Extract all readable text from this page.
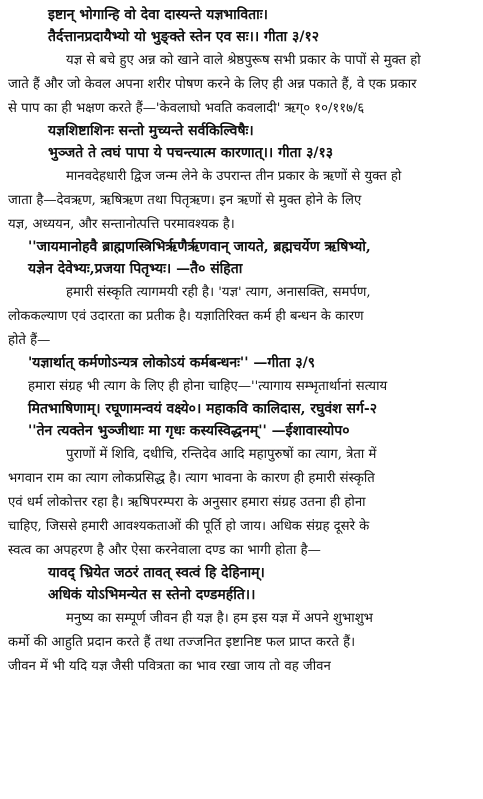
इष्टान् भोगान्हि वो देवा दास्यन्ते यज्ञभाविताः।
तैर्दत्तानप्रदायैभ्यो यो भुङ्क्ते स्तेन एव सः।। गीता ३/१२
यज्ञ से बचे हुए अन्न को खाने वाले श्रेष्ठपुरूष सभी प्रकार के पापों से मुक्त हो
जाते हैं और जो केवल अपना शरीर पोषण करने के लिए ही अन्न पकाते हैं, वे एक प्रकार
से पाप का ही भक्षण करते हैं—'केवलाघो भवति कवलादी' ऋग्० १०/११७/६
यज्ञशिष्टाशिनः सन्तो मुच्यन्ते सर्वकिल्विषैः।
भुञ्जते ते त्वघं पापा ये पचन्त्यात्म कारणात्।। गीता ३/१३
मानवदेहधारी द्विज जन्म लेने के उपरान्त तीन प्रकार के ऋणों से युक्त हो
जाता है—देवऋण, ऋषिऋण तथा पितृऋण। इन ऋणों से मुक्त होने के लिए
यज्ञ, अध्ययन, और सन्तानोत्पत्ति परमावश्यक है।
''जायमानोहवै ब्राह्मणस्त्रिभिर्ऋणैर्ऋणवान् जायते, ब्रह्मचर्येण ऋषिभ्यो,
यज्ञेन देवेभ्यः,प्रजया पितृभ्यः। —तै० संहिता
हमारी संस्कृति त्यागमयी रही है। 'यज्ञ' त्याग, अनासक्ति, समर्पण,
लोककल्याण एवं उदारता का प्रतीक है। यज्ञातिरिक्त कर्म ही बन्धन के कारण
होते हैं—
'यज्ञार्थात् कर्मणोऽन्यत्र लोकोऽयं कर्मबन्धनः'' —गीता ३/९
हमारा संग्रह भी त्याग के लिए ही होना चाहिए—''त्यागाय सम्भृतार्थानां सत्याय
मितभाषिणाम्। रघूणामन्वयं वक्ष्ये०। महाकवि कालिदास, रघुवंश सर्ग-२
''तेन त्यक्तेन भुञ्जीथाः मा गृधः कस्यस्विद्धनम्'' —ईशावास्योप०
पुराणों में शिवि, दधीचि, रन्तिदेव आदि महापुरुषों का त्याग, त्रेता में
भगवान राम का त्याग लोकप्रसिद्ध है। त्याग भावना के कारण ही हमारी संस्कृति
एवं धर्म लोकोत्तर रहा है। ऋषिपरम्परा के अनुसार हमारा संग्रह उतना ही होना
चाहिए, जिससे हमारी आवश्यकताओं की पूर्ति हो जाय। अधिक संग्रह दूसरे के
स्वत्व का अपहरण है और ऐसा करनेवाला दण्ड का भागी होता है—
यावद् भ्रियेत जठरं तावत् स्वत्वं हि देहिनाम्।
अधिकं योऽभिमन्येत स स्तेनो दण्डमर्हति।।
मनुष्य का सम्पूर्ण जीवन ही यज्ञ है। हम इस यज्ञ में अपने शुभाशुभ
कर्मो की आहुति प्रदान करते हैं तथा तज्जनित इष्टानिष्ट फल प्राप्त करते हैं।
जीवन में भी यदि यज्ञ जैसी पवित्रता का भाव रखा जाय तो वह जीवन
